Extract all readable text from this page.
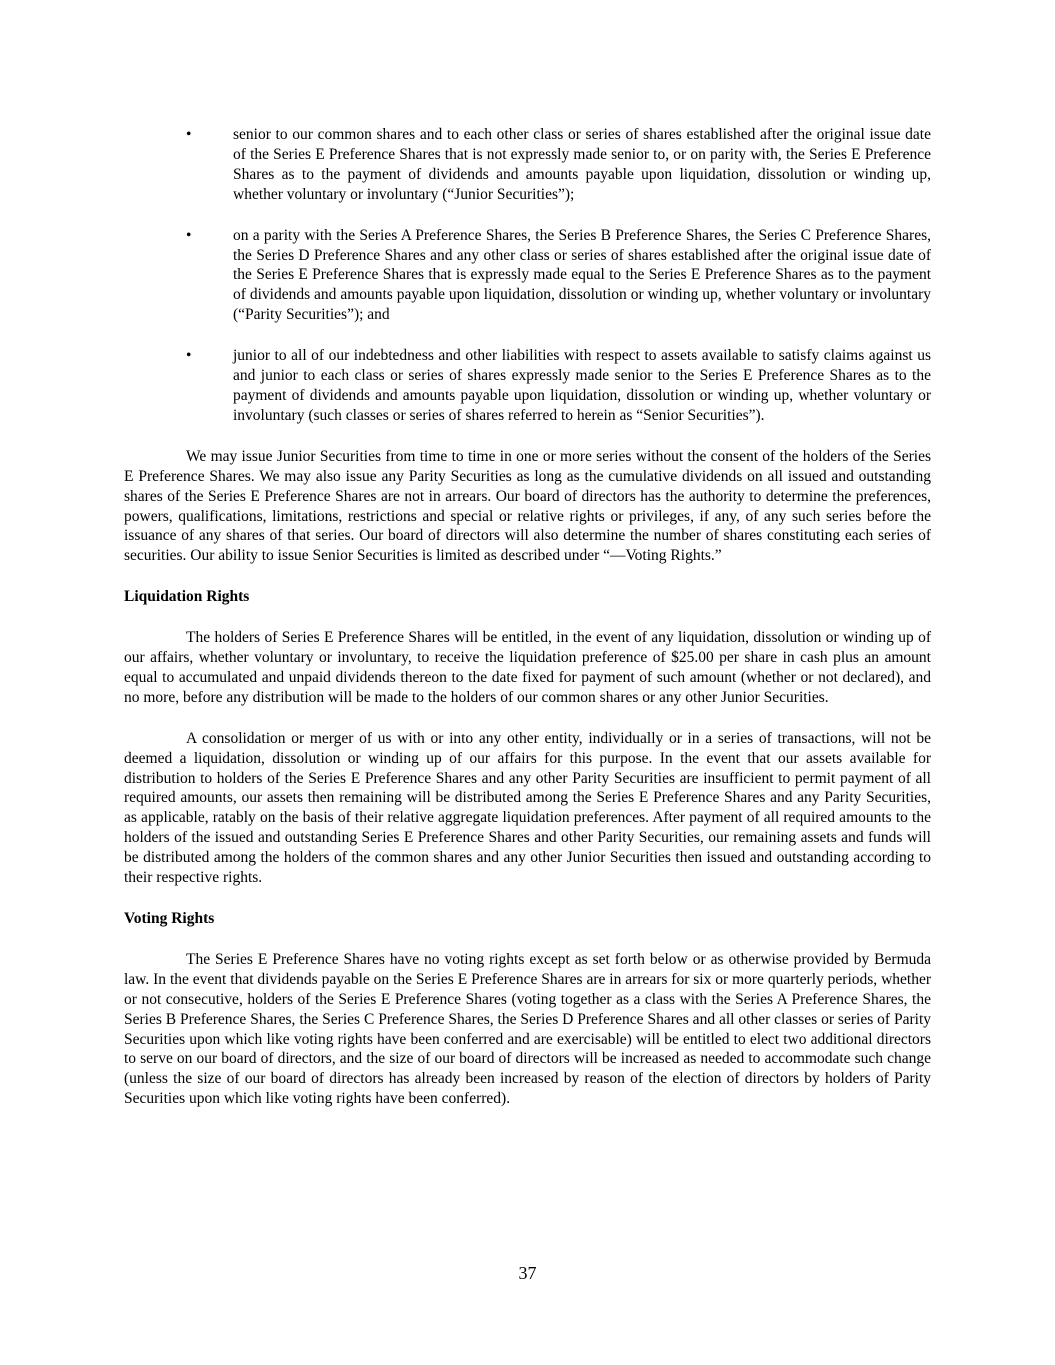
•	senior to our common shares and to each other class or series of shares established after the original issue date of the Series E Preference Shares that is not expressly made senior to, or on parity with, the Series E Preference Shares as to the payment of dividends and amounts payable upon liquidation, dissolution or winding up, whether voluntary or involuntary (“Junior Securities”);
•	on a parity with the Series A Preference Shares, the Series B Preference Shares, the Series C Preference Shares, the Series D Preference Shares and any other class or series of shares established after the original issue date of the Series E Preference Shares that is expressly made equal to the Series E Preference Shares as to the payment of dividends and amounts payable upon liquidation, dissolution or winding up, whether voluntary or involuntary (“Parity Securities”); and
•	junior to all of our indebtedness and other liabilities with respect to assets available to satisfy claims against us and junior to each class or series of shares expressly made senior to the Series E Preference Shares as to the payment of dividends and amounts payable upon liquidation, dissolution or winding up, whether voluntary or involuntary (such classes or series of shares referred to herein as “Senior Securities”).

We may issue Junior Securities from time to time in one or more series without the consent of the holders of the Series E Preference Shares. We may also issue any Parity Securities as long as the cumulative dividends on all issued and outstanding shares of the Series E Preference Shares are not in arrears. Our board of directors has the authority to determine the preferences, powers, qualifications, limitations, restrictions and special or relative rights or privileges, if any, of any such series before the issuance of any shares of that series. Our board of directors will also determine the number of shares constituting each series of securities. Our ability to issue Senior Securities is limited as described under “—Voting Rights.”

Liquidation Rights

The holders of Series E Preference Shares will be entitled, in the event of any liquidation, dissolution or winding up of our affairs, whether voluntary or involuntary, to receive the liquidation preference of $25.00 per share in cash plus an amount equal to accumulated and unpaid dividends thereon to the date fixed for payment of such amount (whether or not declared), and no more, before any distribution will be made to the holders of our common shares or any other Junior Securities.

A consolidation or merger of us with or into any other entity, individually or in a series of transactions, will not be deemed a liquidation, dissolution or winding up of our affairs for this purpose. In the event that our assets available for distribution to holders of the Series E Preference Shares and any other Parity Securities are insufficient to permit payment of all required amounts, our assets then remaining will be distributed among the Series E Preference Shares and any Parity Securities, as applicable, ratably on the basis of their relative aggregate liquidation preferences. After payment of all required amounts to the holders of the issued and outstanding Series E Preference Shares and other Parity Securities, our remaining assets and funds will be distributed among the holders of the common shares and any other Junior Securities then issued and outstanding according to their respective rights.

Voting Rights

The Series E Preference Shares have no voting rights except as set forth below or as otherwise provided by Bermuda law. In the event that dividends payable on the Series E Preference Shares are in arrears for six or more quarterly periods, whether or not consecutive, holders of the Series E Preference Shares (voting together as a class with the Series A Preference Shares, the Series B Preference Shares, the Series C Preference Shares, the Series D Preference Shares and all other classes or series of Parity Securities upon which like voting rights have been conferred and are exercisable) will be entitled to elect two additional directors to serve on our board of directors, and the size of our board of directors will be increased as needed to accommodate such change (unless the size of our board of directors has already been increased by reason of the election of directors by holders of Parity Securities upon which like voting rights have been conferred).

37
